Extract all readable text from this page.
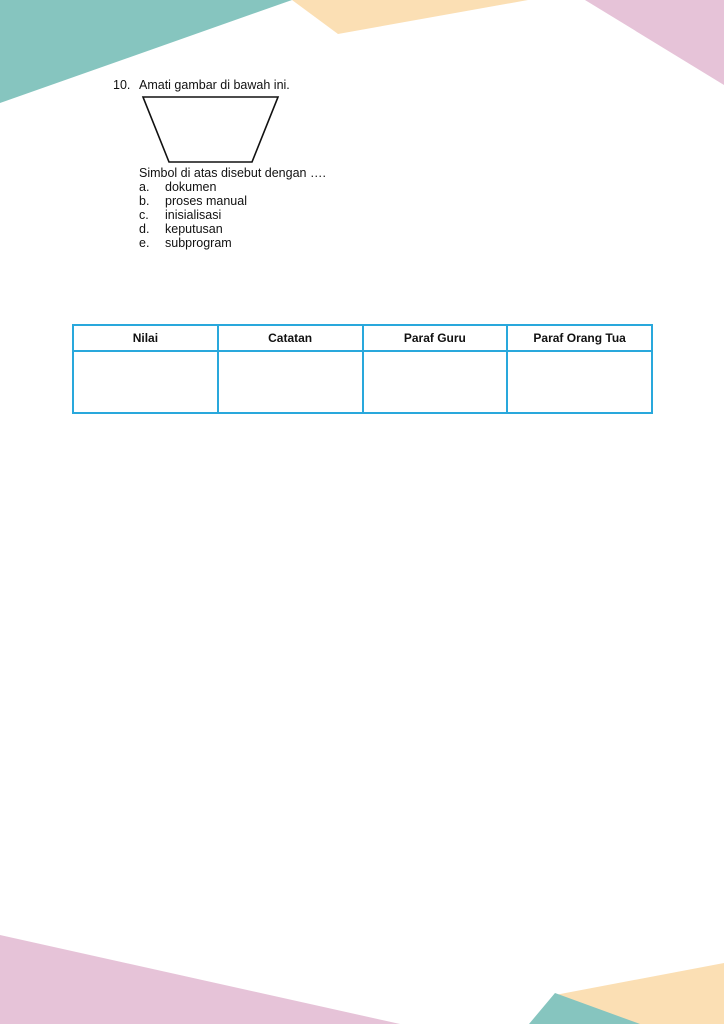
10. Amati gambar di bawah ini.
Simbol di atas disebut dengan ….
a.	dokumen
b.	proses manual
c.	inisialisasi
d.	keputusan
e.	subprogram
Nilai	Catatan	Paraf Guru	Paraf Orang Tua
